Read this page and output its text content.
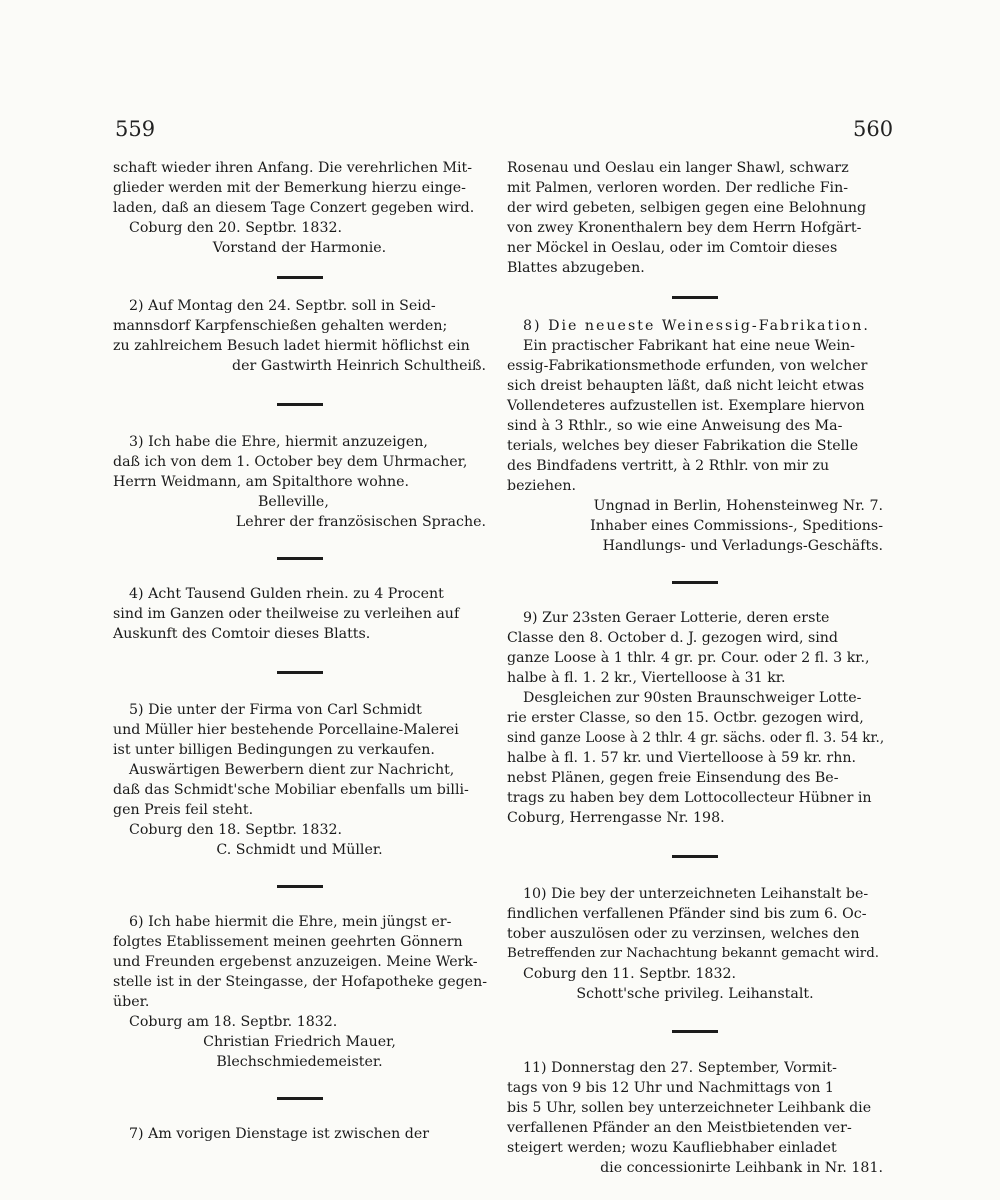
559	560

schaft wieder ihren Anfang. Die verehrlichen Mit-

glieder werden mit der Bemerkung hierzu einge-

laden, daß an diesem Tage Conzert gegeben wird.

Coburg den 20. Septbr. 1832.

Vorstand der Harmonie.

2) Auf Montag den 24. Septbr. soll in Seid-

mannsdorf Karpfenschießen gehalten werden;

zu zahlreichem Besuch ladet hiermit höflichst ein

der Gastwirth Heinrich Schultheiß.

3) Ich habe die Ehre, hiermit anzuzeigen,

daß ich von dem 1. October bey dem Uhrmacher,

Herrn Weidmann, am Spitalthore wohne.

Belleville,

Lehrer der französischen Sprache.

4) Acht Tausend Gulden rhein. zu 4 Procent

sind im Ganzen oder theilweise zu verleihen auf

Auskunft des Comtoir dieses Blatts.

5) Die unter der Firma von Carl Schmidt

und Müller hier bestehende Porcellaine-Malerei

ist unter billigen Bedingungen zu verkaufen.

Auswärtigen Bewerbern dient zur Nachricht,

daß das Schmidt'sche Mobiliar ebenfalls um billi-

gen Preis feil steht.

Coburg den 18. Septbr. 1832.

C. Schmidt und Müller.

6) Ich habe hiermit die Ehre, mein jüngst er-

folgtes Etablissement meinen geehrten Gönnern

und Freunden ergebenst anzuzeigen. Meine Werk-

stelle ist in der Steingasse, der Hofapotheke gegen-

über.

Coburg am 18. Septbr. 1832.

Christian Friedrich Mauer,

Blechschmiedemeister.

7) Am vorigen Dienstage ist zwischen der

Rosenau und Oeslau ein langer Shawl, schwarz

mit Palmen, verloren worden. Der redliche Fin-

der wird gebeten, selbigen gegen eine Belohnung

von zwey Kronenthalern bey dem Herrn Hofgärt-

ner Möckel in Oeslau, oder im Comtoir dieses

Blattes abzugeben.

8) Die neueste Weinessig-Fabrikation.

Ein practischer Fabrikant hat eine neue Wein-

essig-Fabrikationsmethode erfunden, von welcher

sich dreist behaupten läßt, daß nicht leicht etwas

Vollendeteres aufzustellen ist. Exemplare hiervon

sind à 3 Rthlr., so wie eine Anweisung des Ma-

terials, welches bey dieser Fabrikation die Stelle

des Bindfadens vertritt, à 2 Rthlr. von mir zu

beziehen.

Ungnad in Berlin, Hohensteinweg Nr. 7.

Inhaber eines Commissions-, Speditions-

Handlungs- und Verladungs-Geschäfts.

9) Zur 23sten Geraer Lotterie, deren erste

Classe den 8. October d. J. gezogen wird, sind

ganze Loose à 1 thlr. 4 gr. pr. Cour. oder 2 fl. 3 kr.,

halbe à fl. 1. 2 kr., Viertelloose à 31 kr.

Desgleichen zur 90sten Braunschweiger Lotte-

rie erster Classe, so den 15. Octbr. gezogen wird,

sind ganze Loose à 2 thlr. 4 gr. sächs. oder fl. 3. 54 kr.,

halbe à fl. 1. 57 kr. und Viertelloose à 59 kr. rhn.

nebst Plänen, gegen freie Einsendung des Be-

trags zu haben bey dem Lottocollecteur Hübner in

Coburg, Herrengasse Nr. 198.

10) Die bey der unterzeichneten Leihanstalt be-

findlichen verfallenen Pfänder sind bis zum 6. Oc-

tober auszulösen oder zu verzinsen, welches den

Betreffenden zur Nachachtung bekannt gemacht wird.

Coburg den 11. Septbr. 1832.

Schott'sche privileg. Leihanstalt.

11) Donnerstag den 27. September, Vormit-

tags von 9 bis 12 Uhr und Nachmittags von 1

bis 5 Uhr, sollen bey unterzeichneter Leihbank die

verfallenen Pfänder an den Meistbietenden ver-

steigert werden; wozu Kaufliebhaber einladet

die concessionirte Leihbank in Nr. 181.
